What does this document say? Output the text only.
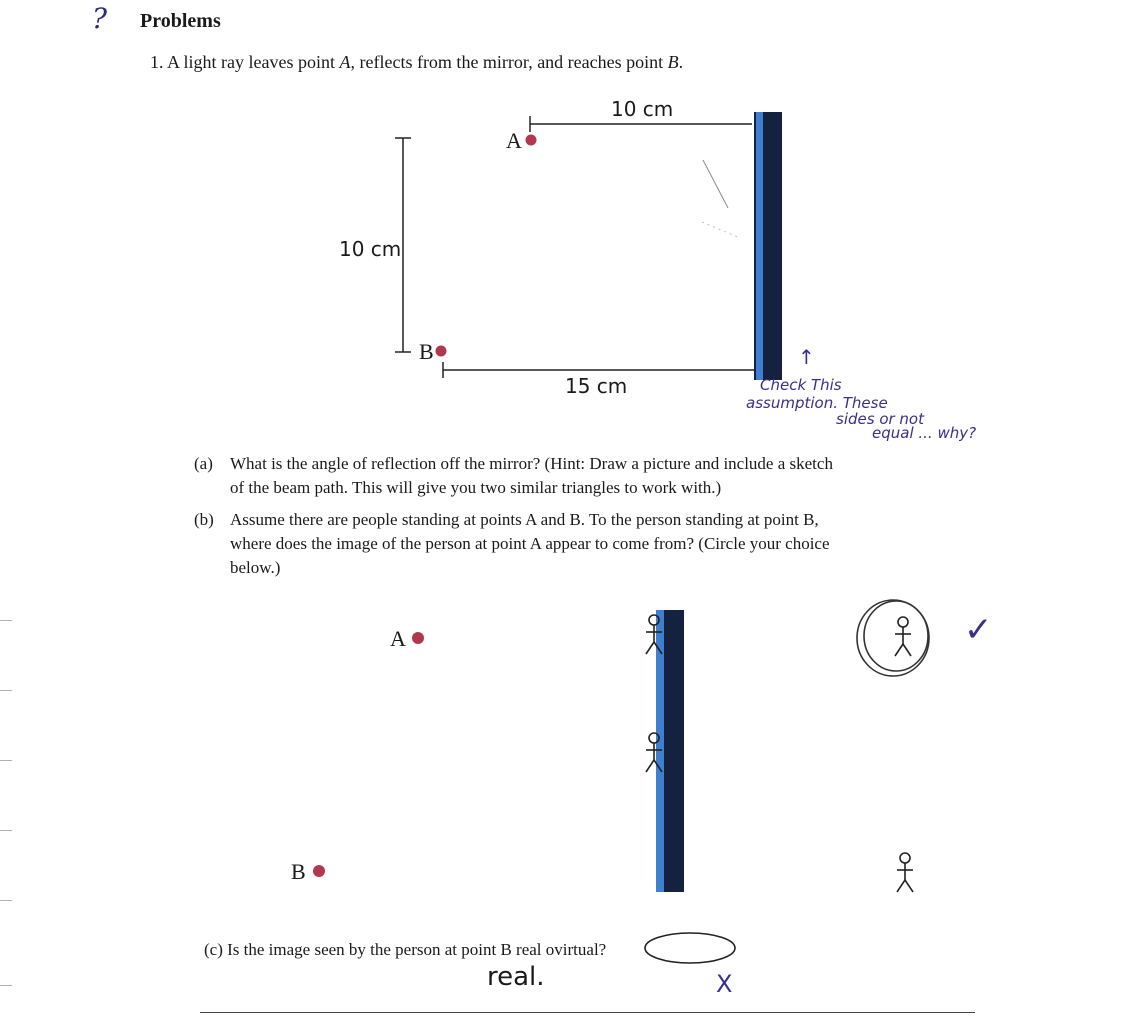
? Problems
1. A light ray leaves point A, reflects from the mirror, and reaches point B.
10 cm
10 cm
15 cm
A
B	↑
Check This
assumption. These
sides or not
equal ... why?
(a) What is the angle of reflection off the mirror? (Hint: Draw a picture and include a sketch
of the beam path. This will give you two similar triangles to work with.)
(b) Assume there are people standing at points A and B. To the person standing at point B,
where does the image of the person at point A appear to come from? (Circle your choice
below.)
A
B
✓
(c) Is the image seen by the person at point B real ovirtual?
real.	X
